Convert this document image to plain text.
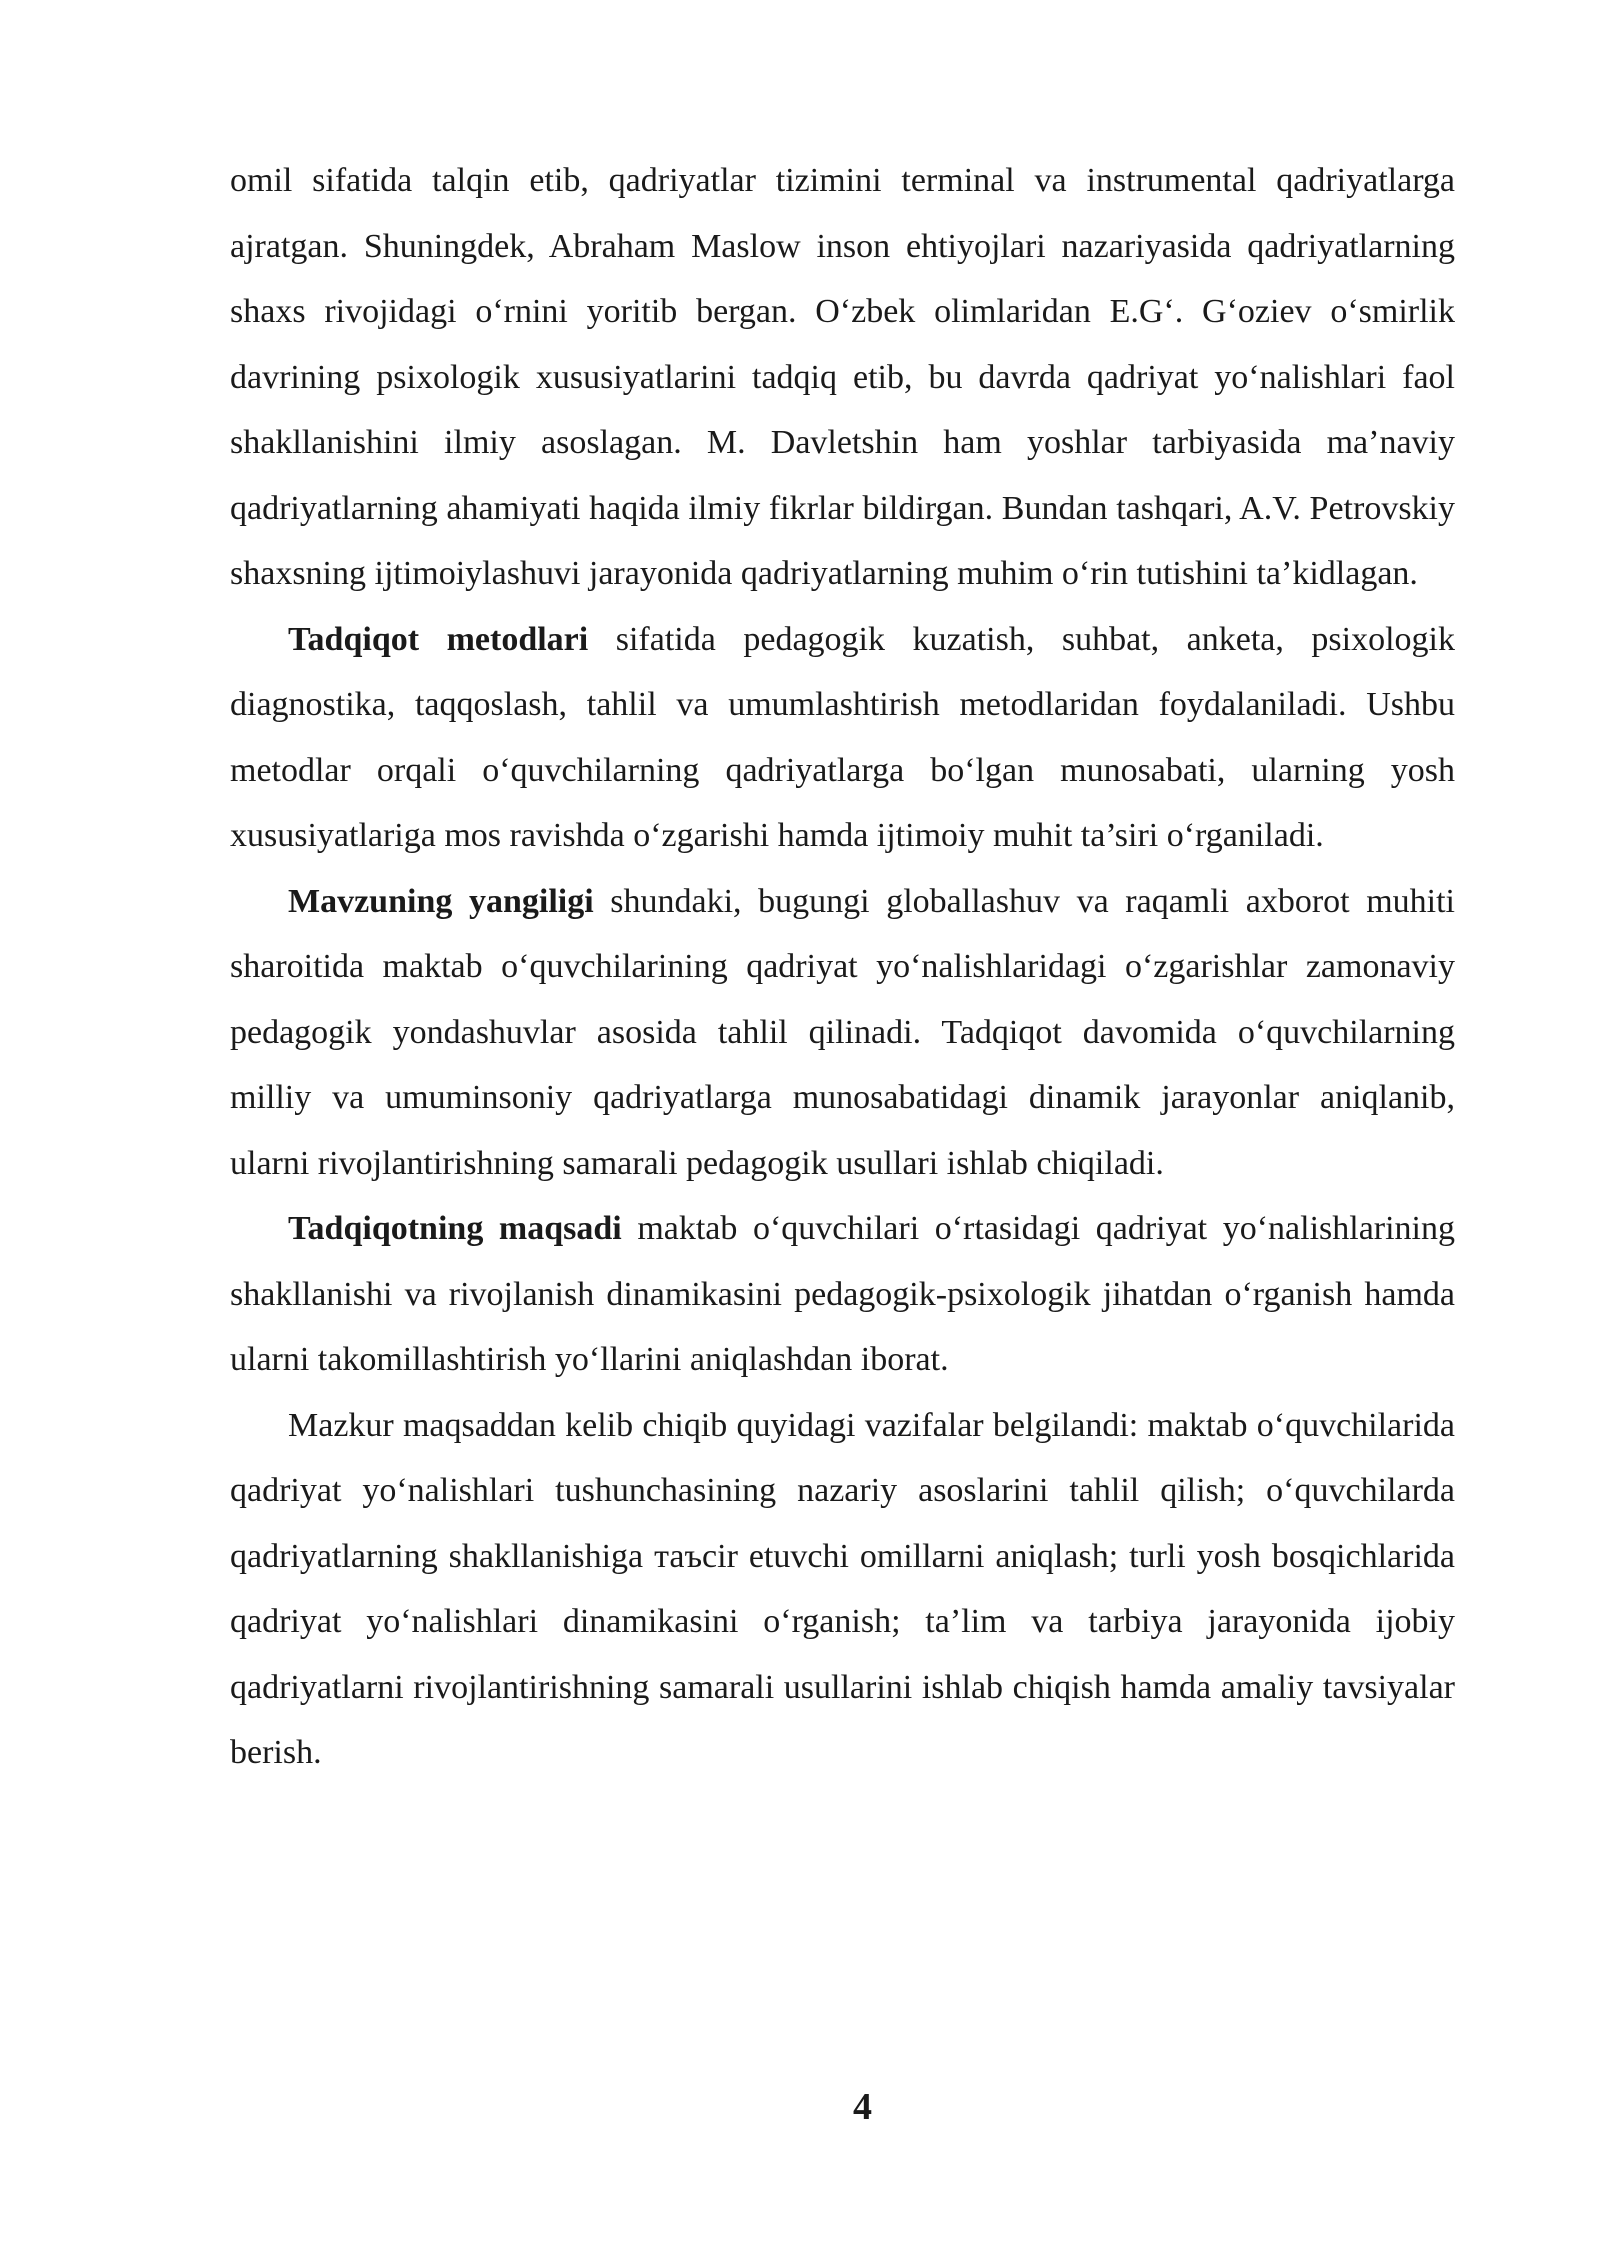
omil sifatida talqin etib, qadriyatlar tizimini terminal va instrumental qadriyatlarga ajratgan. Shuningdek, Abraham Maslow inson ehtiyojlari nazariyasida qadriyatlarning shaxs rivojidagi o‘rnini yoritib bergan. O‘zbek olimlaridan E.G‘. G‘oziev o‘smirlik davrining psixologik xususiyatlarini tadqiq etib, bu davrda qadriyat yo‘nalishlari faol shakllanishini ilmiy asoslagan. M. Davletshin ham yoshlar tarbiyasida ma’naviy qadriyatlarning ahamiyati haqida ilmiy fikrlar bildirgan. Bundan tashqari, A.V. Petrovskiy shaxsning ijtimoiylashuvi jarayonida qadriyatlarning muhim o‘rin tutishini ta’kidlagan.

Tadqiqot metodlari sifatida pedagogik kuzatish, suhbat, anketa, psixologik diagnostika, taqqoslash, tahlil va umumlashtirish metodlaridan foydalaniladi. Ushbu metodlar orqali o‘quvchilarning qadriyatlarga bo‘lgan munosabati, ularning yosh xususiyatlariga mos ravishda o‘zgarishi hamda ijtimoiy muhit ta’siri o‘rganiladi.

Mavzuning yangiligi shundaki, bugungi globallashuv va raqamli axborot muhiti sharoitida maktab o‘quvchilarining qadriyat yo‘nalishlaridagi o‘zgarishlar zamonaviy pedagogik yondashuvlar asosida tahlil qilinadi. Tadqiqot davomida o‘quvchilarning milliy va umuminsoniy qadriyatlarga munosabatidagi dinamik jarayonlar aniqlanib, ularni rivojlantirishning samarali pedagogik usullari ishlab chiqiladi.

Tadqiqotning maqsadi maktab o‘quvchilari o‘rtasidagi qadriyat yo‘nalishlarining shakllanishi va rivojlanish dinamikasini pedagogik-psixologik jihatdan o‘rganish hamda ularni takomillashtirish yo‘llarini aniqlashdan iborat.

Mazkur maqsaddan kelib chiqib quyidagi vazifalar belgilandi: maktab o‘quvchilarida qadriyat yo‘nalishlari tushunchasining nazariy asoslarini tahlil qilish; o‘quvchilarda qadriyatlarning shakllanishiga таъсir etuvchi omillarni aniqlash; turli yosh bosqichlarida qadriyat yo‘nalishlari dinamikasini o‘rganish; ta’lim va tarbiya jarayonida ijobiy qadriyatlarni rivojlantirishning samarali usullarini ishlab chiqish hamda amaliy tavsiyalar berish.

4
